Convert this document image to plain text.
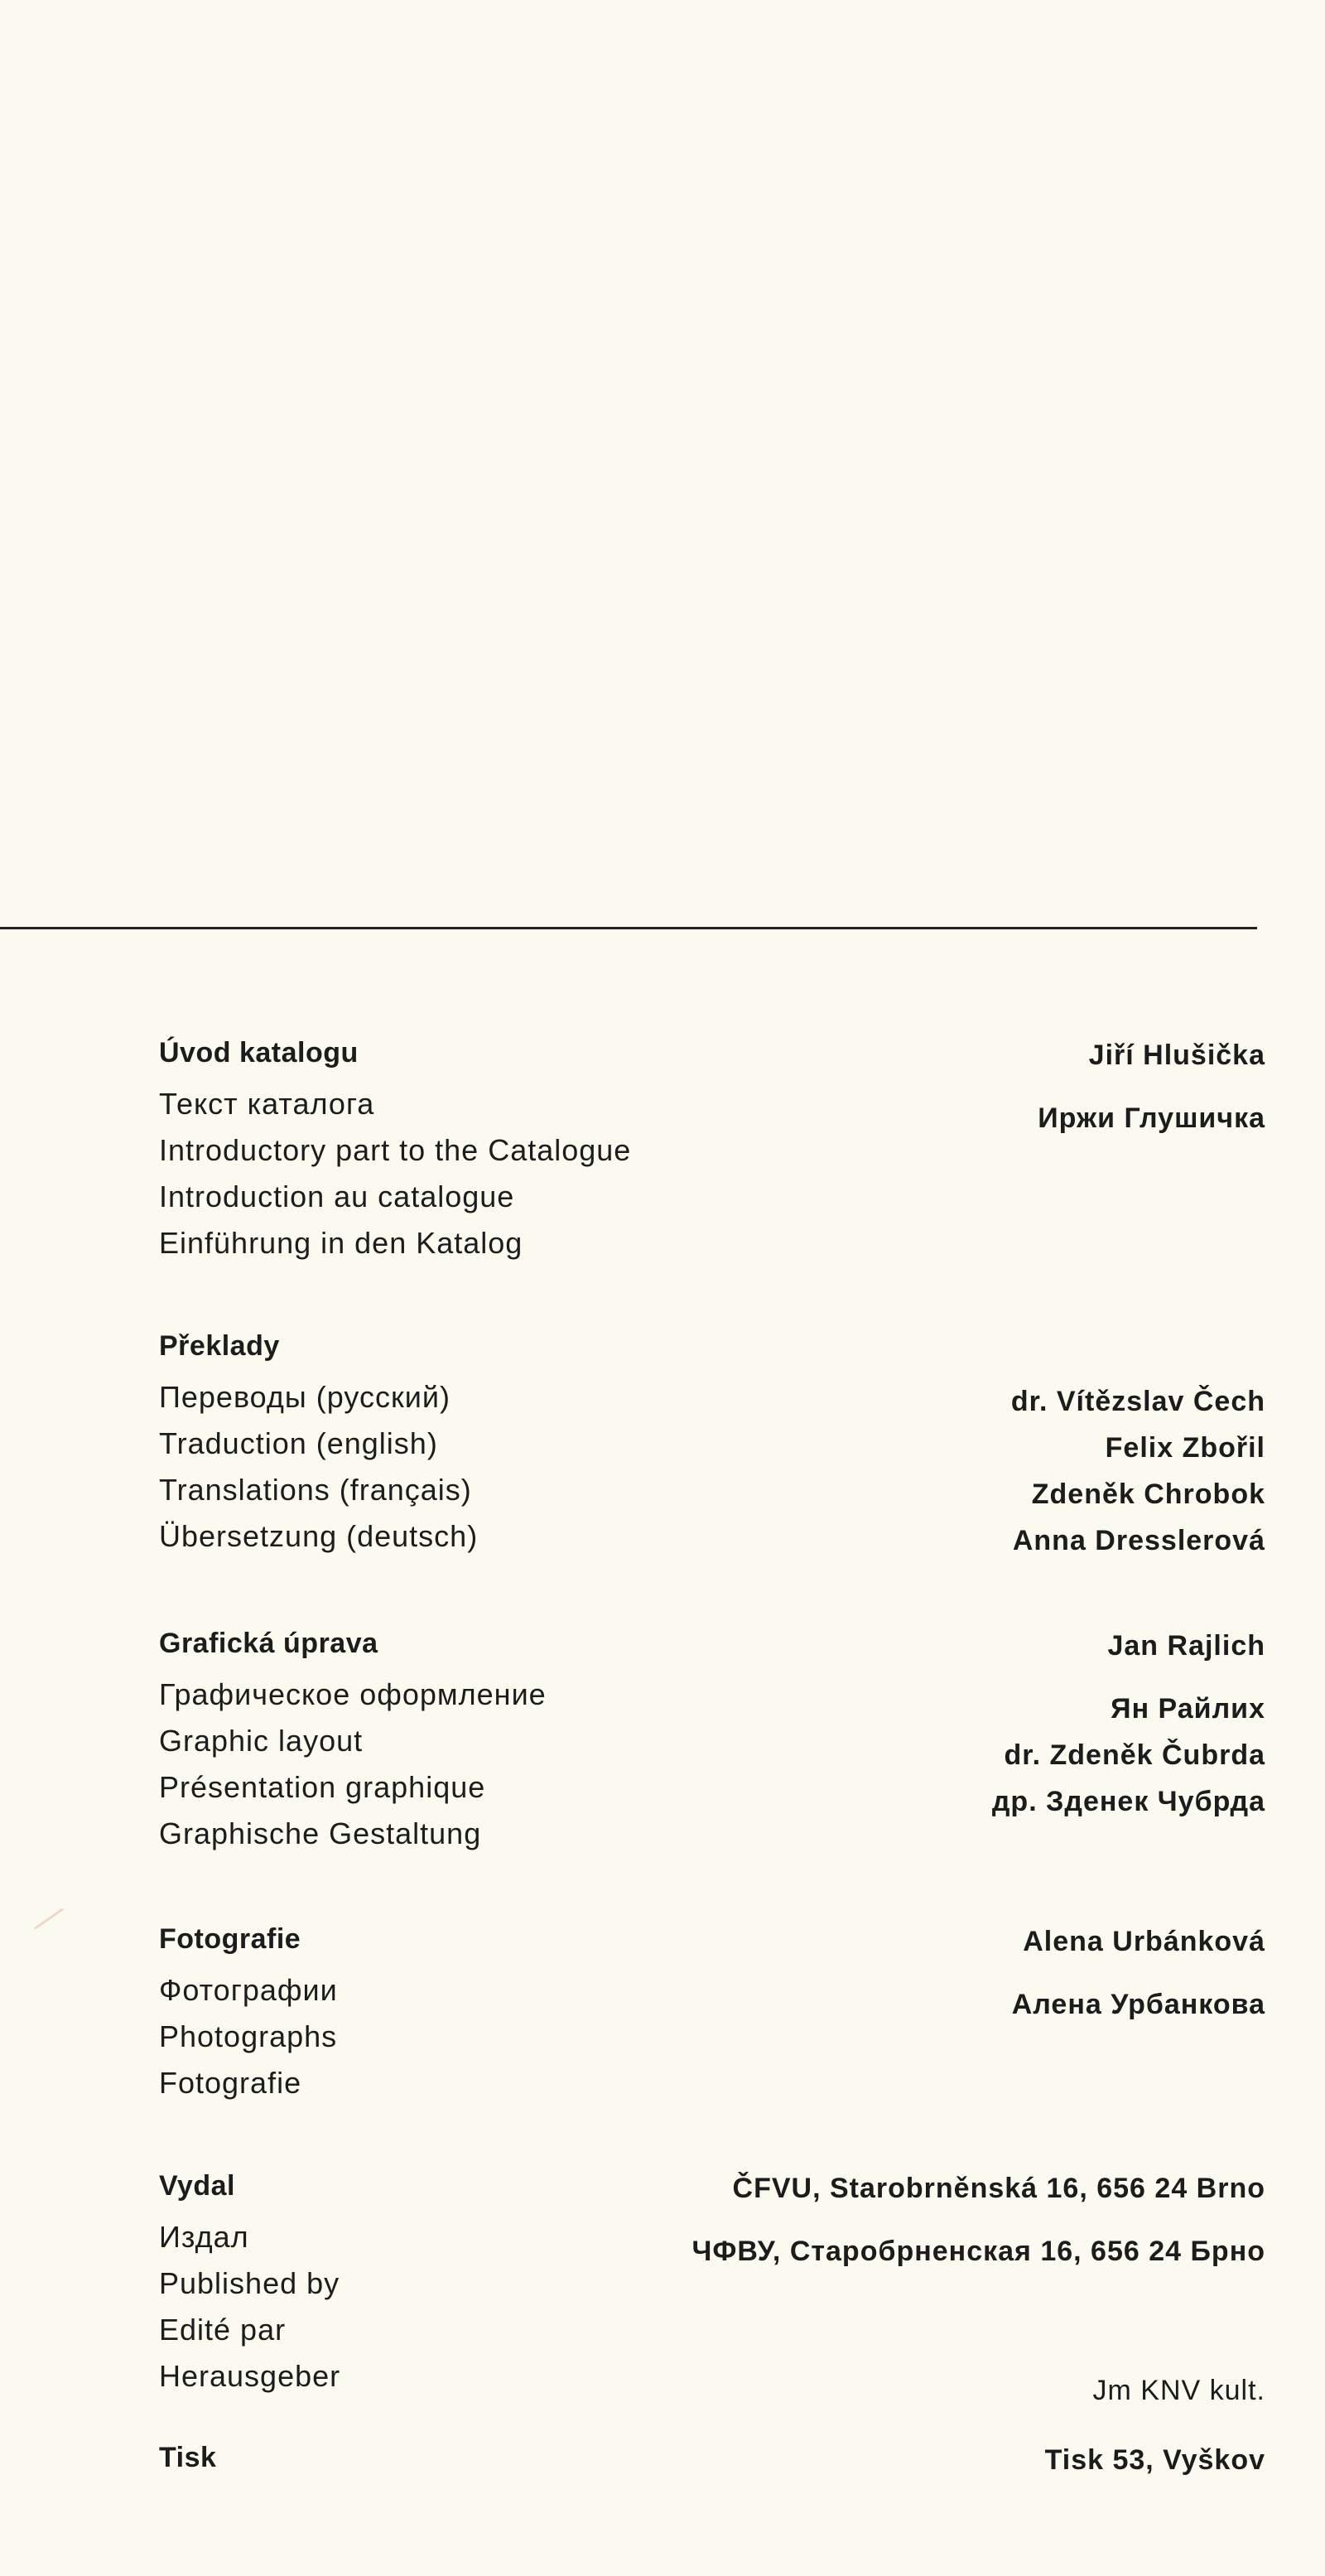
Úvod katalogu
Текст каталога
Introductory part to the Catalogue
Introduction au catalogue
Einführung in den Katalog
Jiří Hlušička
Иржи Глушичка
Překlady
Переводы (русский)
Traduction (english)
Translations (français)
Übersetzung (deutsch)
dr. Vítězslav Čech
Felix Zbořil
Zdeněk Chrobok
Anna Dresslerová
Grafická úprava
Графическое оформление
Graphic layout
Présentation graphique
Graphische Gestaltung
Jan Rajlich
Ян Райлих
dr. Zdeněk Čubrda
др. Зденек Чубрда
Fotografie
Фотографии
Photographs
Fotografie
Alena Urbánková
Алена Урбанкова
Vydal
Издал
Published by
Edité par
Herausgeber
ČFVU, Starobrněnská 16, 656 24 Brno
ЧФВУ, Старобрненская 16, 656 24 Брно
Jm KNV kult.
Tisk	Tisk 53, Vyškov
